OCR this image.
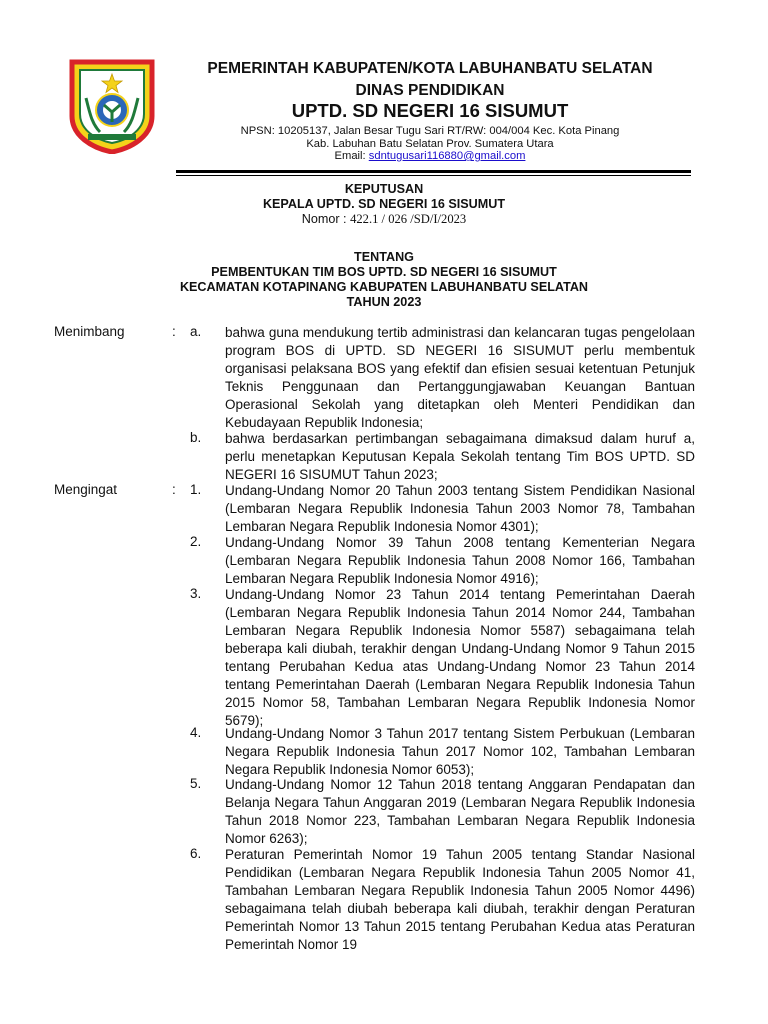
PEMERINTAH KABUPATEN/KOTA LABUHANBATU SELATAN
DINAS PENDIDIKAN
UPTD. SD NEGERI 16 SISUMUT
NPSN: 10205137, Jalan Besar Tugu Sari RT/RW: 004/004 Kec. Kota Pinang
Kab. Labuhan Batu Selatan Prov. Sumatera Utara
Email: sdntugusari116880@gmail.com
KEPUTUSAN
KEPALA UPTD. SD NEGERI 16 SISUMUT
Nomor : 422.1 / 026 /SD/I/2023
TENTANG
PEMBENTUKAN TIM BOS UPTD. SD NEGERI 16 SISUMUT
KECAMATAN KOTAPINANG KABUPATEN LABUHANBATU SELATAN
TAHUN 2023
Menimbang	: a.	bahwa guna mendukung tertib administrasi dan kelancaran tugas pengelolaan program BOS di UPTD. SD NEGERI 16 SISUMUT perlu membentuk organisasi pelaksana BOS yang efektif dan efisien sesuai ketentuan Petunjuk Teknis Penggunaan dan Pertanggungjawaban Keuangan Bantuan Operasional Sekolah yang ditetapkan oleh Menteri Pendidikan dan Kebudayaan Republik Indonesia;
b.	bahwa berdasarkan pertimbangan sebagaimana dimaksud dalam huruf a, perlu menetapkan Keputusan Kepala Sekolah tentang Tim BOS UPTD. SD NEGERI 16 SISUMUT Tahun 2023;
Mengingat	: 1.	Undang-Undang Nomor 20 Tahun 2003 tentang Sistem Pendidikan Nasional (Lembaran Negara Republik Indonesia Tahun 2003 Nomor 78, Tambahan Lembaran Negara Republik Indonesia Nomor 4301);
2.	Undang-Undang Nomor 39 Tahun 2008 tentang Kementerian Negara (Lembaran Negara Republik Indonesia Tahun 2008 Nomor 166, Tambahan Lembaran Negara Republik Indonesia Nomor 4916);
3.	Undang-Undang Nomor 23 Tahun 2014 tentang Pemerintahan Daerah (Lembaran Negara Republik Indonesia Tahun 2014 Nomor 244, Tambahan Lembaran Negara Republik Indonesia Nomor 5587) sebagaimana telah beberapa kali diubah, terakhir dengan Undang-Undang Nomor 9 Tahun 2015 tentang Perubahan Kedua atas Undang-Undang Nomor 23 Tahun 2014 tentang Pemerintahan Daerah (Lembaran Negara Republik Indonesia Tahun 2015 Nomor 58, Tambahan Lembaran Negara Republik Indonesia Nomor 5679);
4.	Undang-Undang Nomor 3 Tahun 2017 tentang Sistem Perbukuan (Lembaran Negara Republik Indonesia Tahun 2017 Nomor 102, Tambahan Lembaran Negara Republik Indonesia Nomor 6053);
5.	Undang-Undang Nomor 12 Tahun 2018 tentang Anggaran Pendapatan dan Belanja Negara Tahun Anggaran 2019 (Lembaran Negara Republik Indonesia Tahun 2018 Nomor 223, Tambahan Lembaran Negara Republik Indonesia Nomor 6263);
6.	Peraturan Pemerintah Nomor 19 Tahun 2005 tentang Standar Nasional Pendidikan (Lembaran Negara Republik Indonesia Tahun 2005 Nomor 41, Tambahan Lembaran Negara Republik Indonesia Tahun 2005 Nomor 4496) sebagaimana telah diubah beberapa kali diubah, terakhir dengan Peraturan Pemerintah Nomor 13 Tahun 2015 tentang Perubahan Kedua atas Peraturan Pemerintah Nomor 19
